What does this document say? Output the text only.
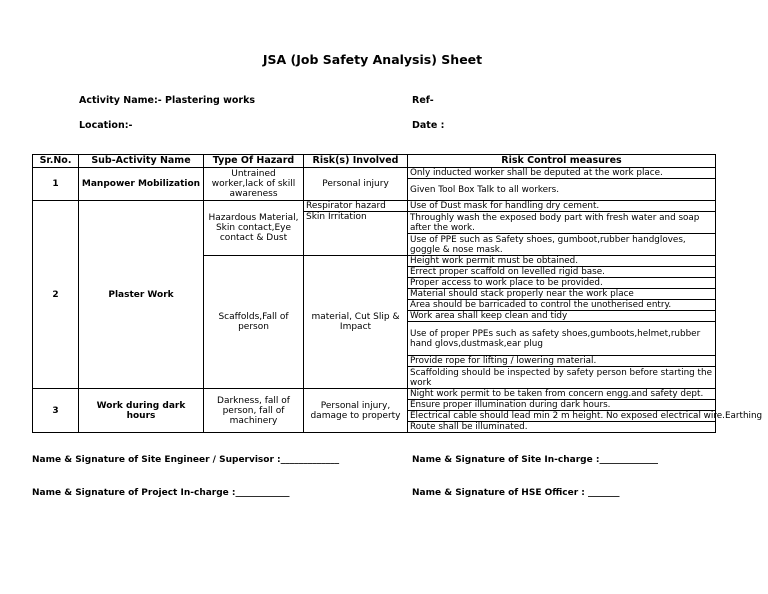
JSA (Job Safety Analysis) Sheet
Activity Name:- Plastering works	Ref-
Location:-	Date :
Sr.No.	Sub-Activity Name	Type Of Hazard	Risk(s) Involved	Risk Control measures
1	Manpower Mobilization	Untrained worker,lack of skill awareness	Personal injury	Only inducted worker shall be deputed at the work place.
				Given Tool Box Talk to all workers.
2	Plaster Work	Hazardous Material, Skin contact,Eye contact & Dust	Respirator hazard	Use of Dust mask for handling dry cement.
			Skin Irritation	Throughly wash the exposed body part with fresh water and soap after the work.
				Use of PPE such as Safety shoes, gumboot,rubber handgloves, goggle & nose mask.
		Scaffolds,Fall of person	material, Cut Slip & Impact	Height work permit must be obtained.
				Errect proper scaffold on levelled rigid base.
				Proper access to work place to be provided.
				Material should stack properly near the work place
				Area should be barricaded to control the unotherised entry.
				Work area shall keep clean and tidy
				Use of proper PPEs such as safety shoes,gumboots,helmet,rubber hand glovs,dustmask,ear plug
				Provide rope for lifting / lowering material.
				Scaffolding should be inspected by safety person before starting the work
3	Work during dark hours	Darkness, fall of person, fall of machinery	Personal injury, damage to property	Night work permit to be taken from concern engg.and safety dept.
				Ensure proper illumination during dark hours.
				Electrical cable should lead min 2 m height. No exposed electrical wire.Earthing
				Route shall be illuminated.
Name & Signature of Site Engineer / Supervisor :_____________	Name & Signature of Site In-charge :_____________
Name & Signature of Project In-charge :____________	Name & Signature of HSE Officer : _______
